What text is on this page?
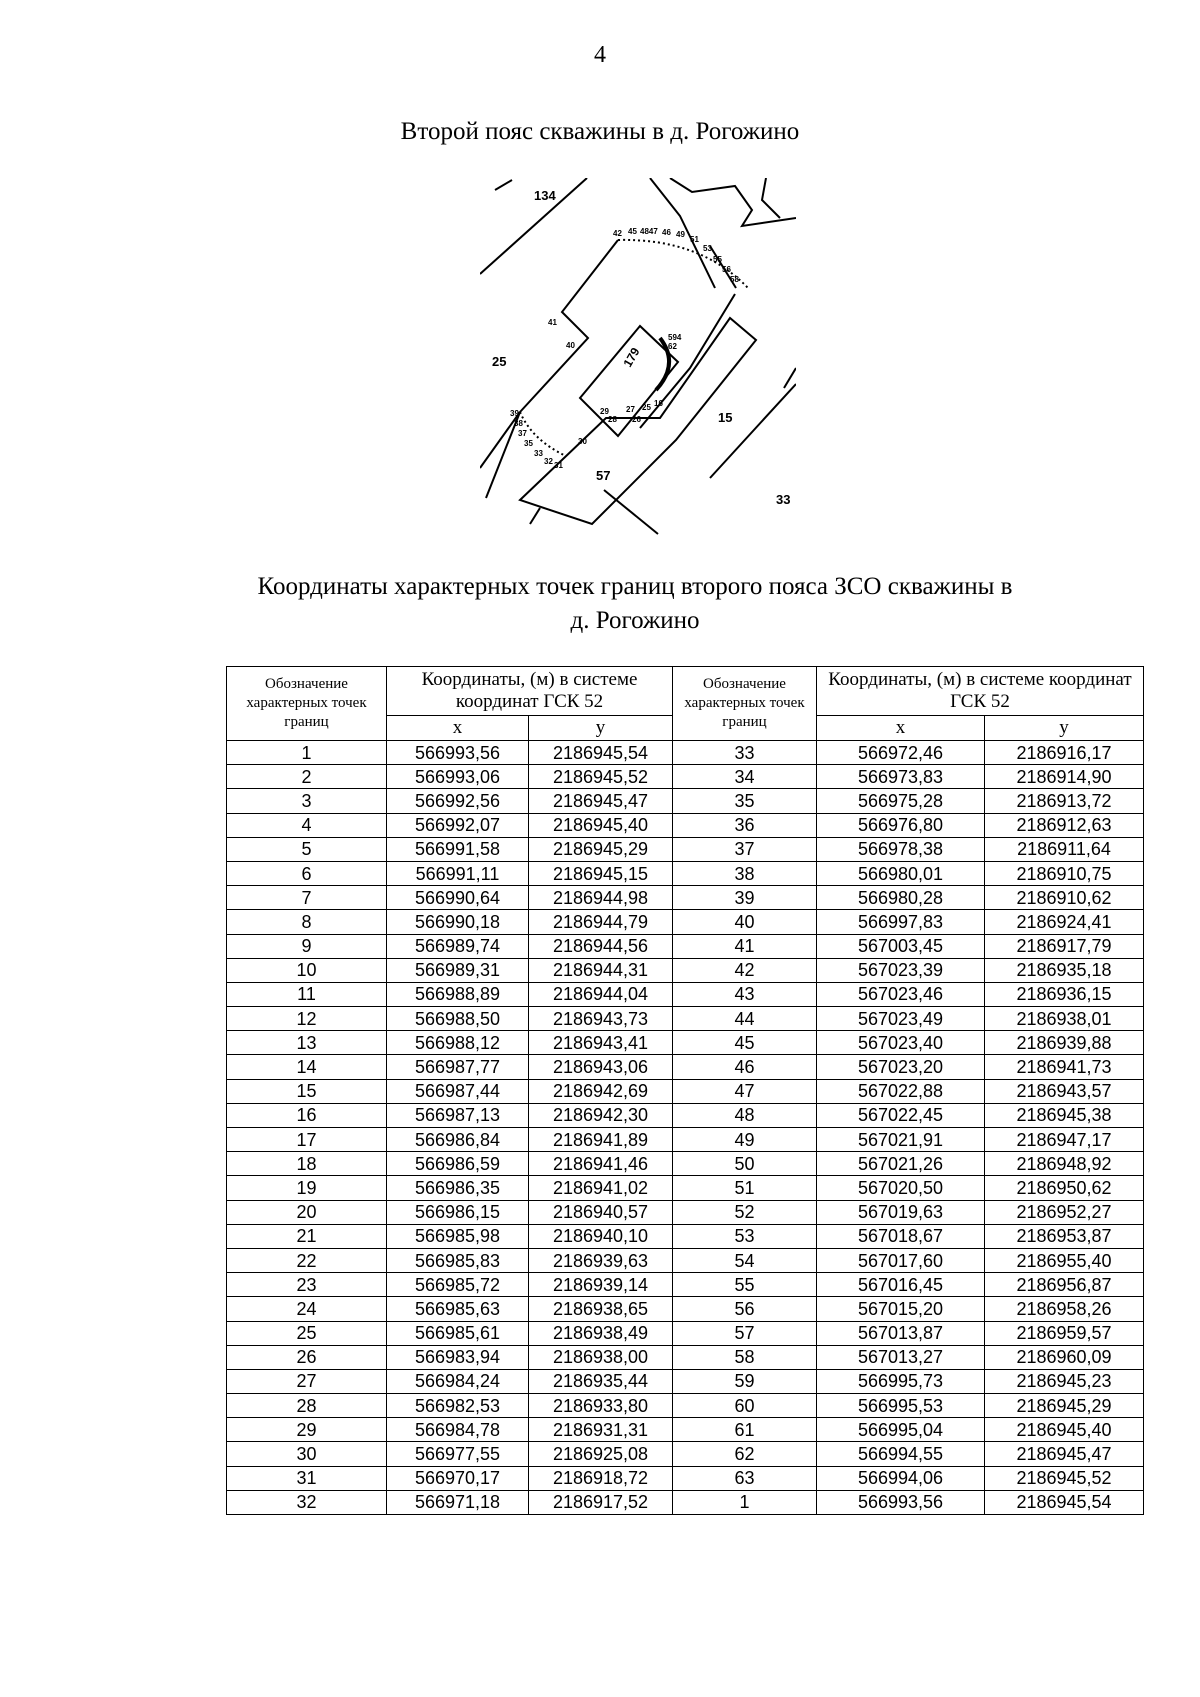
4
Второй пояс скважины в д. Рогожино
134
25
15
57
33
179
42 45 4847 46 49
51
53
55
56
58
41
40
39
38
37
35
33
32 31
30
594
62
29 27
28 26
25 16
Координаты характерных точек границ второго пояса ЗСО скважины в
д. Рогожино
Обозначение характерных точек границ	Координаты, (м) в системе координат ГСК 52		Обозначение характерных точек границ	Координаты, (м) в системе координат ГСК 52	
	x	y		x	y
1	566993,56	2186945,54	33	566972,46	2186916,17
2	566993,06	2186945,52	34	566973,83	2186914,90
3	566992,56	2186945,47	35	566975,28	2186913,72
4	566992,07	2186945,40	36	566976,80	2186912,63
5	566991,58	2186945,29	37	566978,38	2186911,64
6	566991,11	2186945,15	38	566980,01	2186910,75
7	566990,64	2186944,98	39	566980,28	2186910,62
8	566990,18	2186944,79	40	566997,83	2186924,41
9	566989,74	2186944,56	41	567003,45	2186917,79
10	566989,31	2186944,31	42	567023,39	2186935,18
11	566988,89	2186944,04	43	567023,46	2186936,15
12	566988,50	2186943,73	44	567023,49	2186938,01
13	566988,12	2186943,41	45	567023,40	2186939,88
14	566987,77	2186943,06	46	567023,20	2186941,73
15	566987,44	2186942,69	47	567022,88	2186943,57
16	566987,13	2186942,30	48	567022,45	2186945,38
17	566986,84	2186941,89	49	567021,91	2186947,17
18	566986,59	2186941,46	50	567021,26	2186948,92
19	566986,35	2186941,02	51	567020,50	2186950,62
20	566986,15	2186940,57	52	567019,63	2186952,27
21	566985,98	2186940,10	53	567018,67	2186953,87
22	566985,83	2186939,63	54	567017,60	2186955,40
23	566985,72	2186939,14	55	567016,45	2186956,87
24	566985,63	2186938,65	56	567015,20	2186958,26
25	566985,61	2186938,49	57	567013,87	2186959,57
26	566983,94	2186938,00	58	567013,27	2186960,09
27	566984,24	2186935,44	59	566995,73	2186945,23
28	566982,53	2186933,80	60	566995,53	2186945,29
29	566984,78	2186931,31	61	566995,04	2186945,40
30	566977,55	2186925,08	62	566994,55	2186945,47
31	566970,17	2186918,72	63	566994,06	2186945,52
32	566971,18	2186917,52	1	566993,56	2186945,54
